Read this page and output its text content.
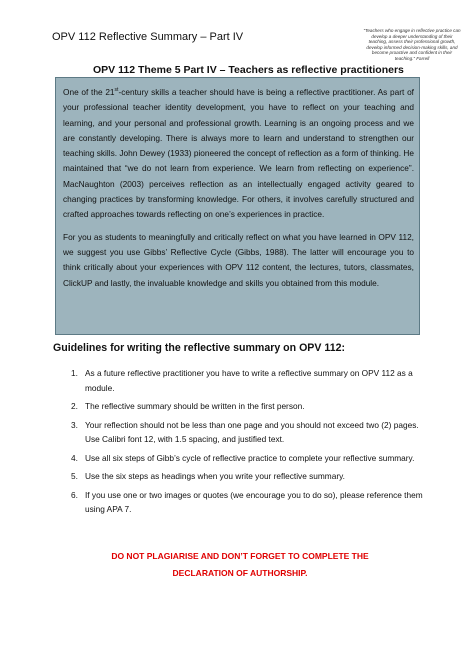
OPV 112 Reflective Summary – Part IV
“Teachers who engage in reflective practice can develop a deeper understanding of their teaching, assess their professional growth, develop informed decision-making skills, and become proactive and confident in their teaching.” Farrell
OPV 112 Theme 5 Part IV – Teachers as reflective practitioners

One of the 21st-century skills a teacher should have is being a reflective practitioner. As part of your professional teacher identity development, you have to reflect on your teaching and learning, and your personal and professional growth. Learning is an ongoing process and we are constantly developing. There is always more to learn and understand to strengthen our teaching skills. John Dewey (1933) pioneered the concept of reflection as a form of thinking. He maintained that “we do not learn from experience. We learn from reflecting on experience”. MacNaughton (2003) perceives reflection as an intellectually engaged activity geared to changing practices by transforming knowledge. For others, it involves carefully structured and crafted approaches towards reflecting on one’s experiences in practice.

For you as students to meaningfully and critically reflect on what you have learned in OPV 112, we suggest you use Gibbs’ Reflective Cycle (Gibbs, 1988). The latter will encourage you to think critically about your experiences with OPV 112 content, the lectures, tutors, classmates, ClickUP and lastly, the invaluable knowledge and skills you obtained from this module.

Guidelines for writing the reflective summary on OPV 112:
1. As a future reflective practitioner you have to write a reflective summary on OPV 112 as a module.
2. The reflective summary should be written in the first person.
3. Your reflection should not be less than one page and you should not exceed two (2) pages. Use Calibri font 12, with 1.5 spacing, and justified text.
4. Use all six steps of Gibb’s cycle of reflective practice to complete your reflective summary.
5. Use the six steps as headings when you write your reflective summary.
6. If you use one or two images or quotes (we encourage you to do so), please reference them using APA 7.
DO NOT PLAGIARISE AND DON’T FORGET TO COMPLETE THE DECLARATION OF AUTHORSHIP.
